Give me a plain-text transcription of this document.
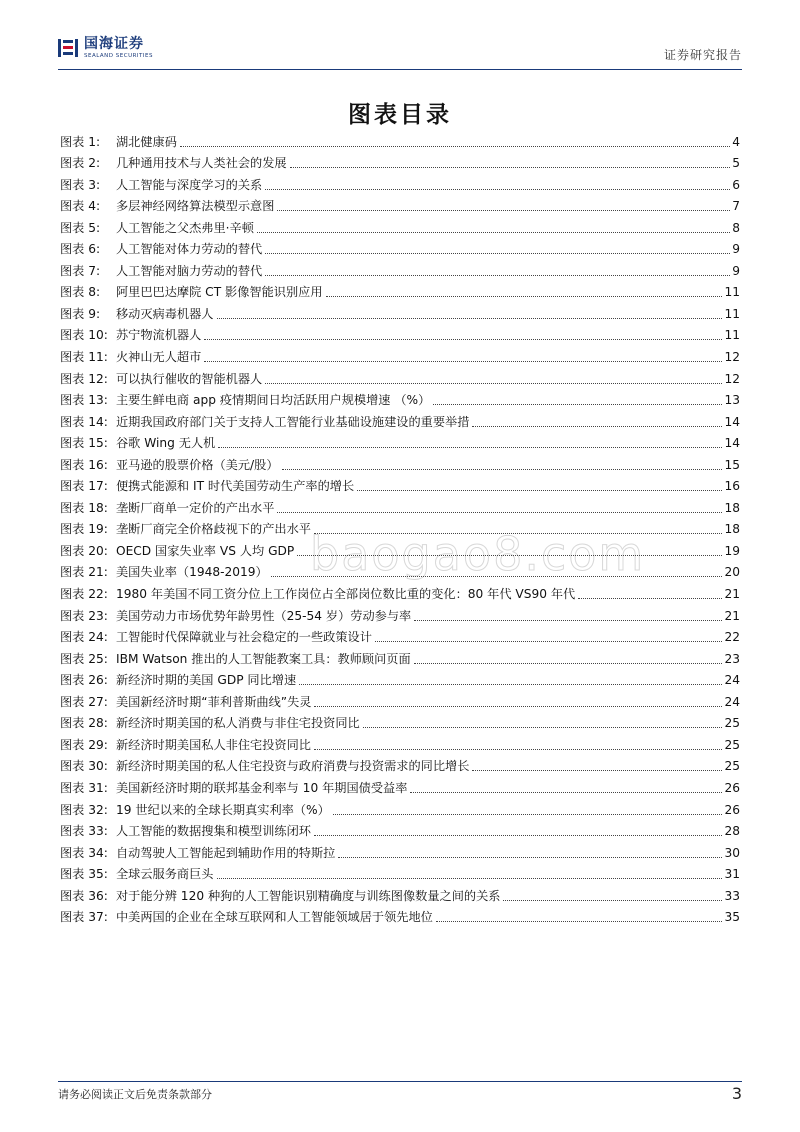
国海证券
SEALAND SECURITIES	证券研究报告
图表目录
baogao8.com
图表 1:	湖北健康码	4
图表 2:	几种通用技术与人类社会的发展	5
图表 3:	人工智能与深度学习的关系	6
图表 4:	多层神经网络算法模型示意图	7
图表 5:	人工智能之父杰弗里·辛顿	8
图表 6:	人工智能对体力劳动的替代	9
图表 7:	人工智能对脑力劳动的替代	9
图表 8:	阿里巴巴达摩院 CT 影像智能识别应用	11
图表 9:	移动灭病毒机器人	11
图表 10: 苏宁物流机器人	11
图表 11: 火神山无人超市	12
图表 12: 可以执行催收的智能机器人	12
图表 13: 主要生鲜电商 app 疫情期间日均活跃用户规模增速 （%）	13
图表 14: 近期我国政府部门关于支持人工智能行业基础设施建设的重要举措	14
图表 15: 谷歌 Wing 无人机	14
图表 16: 亚马逊的股票价格（美元/股）	15
图表 17: 便携式能源和 IT 时代美国劳动生产率的增长	16
图表 18: 垄断厂商单一定价的产出水平	18
图表 19: 垄断厂商完全价格歧视下的产出水平	18
图表 20: OECD 国家失业率 VS 人均 GDP	19
图表 21: 美国失业率（1948-2019）	20
图表 22: 1980 年美国不同工资分位上工作岗位占全部岗位数比重的变化：80 年代 VS90 年代	21
图表 23: 美国劳动力市场优势年龄男性（25-54 岁）劳动参与率	21
图表 24: 工智能时代保障就业与社会稳定的一些政策设计	22
图表 25: IBM Watson 推出的人工智能教案工具：教师顾问页面	23
图表 26: 新经济时期的美国 GDP 同比增速	24
图表 27: 美国新经济时期“菲利普斯曲线”失灵	24
图表 28: 新经济时期美国的私人消费与非住宅投资同比	25
图表 29: 新经济时期美国私人非住宅投资同比	25
图表 30: 新经济时期美国的私人住宅投资与政府消费与投资需求的同比增长	25
图表 31: 美国新经济时期的联邦基金利率与 10 年期国债受益率	26
图表 32: 19 世纪以来的全球长期真实利率（%）	26
图表 33: 人工智能的数据搜集和模型训练闭环	28
图表 34: 自动驾驶人工智能起到辅助作用的特斯拉	30
图表 35: 全球云服务商巨头	31
图表 36: 对于能分辨 120 种狗的人工智能识别精确度与训练图像数量之间的关系	33
图表 37: 中美两国的企业在全球互联网和人工智能领域居于领先地位	35
请务必阅读正文后免责条款部分	3
